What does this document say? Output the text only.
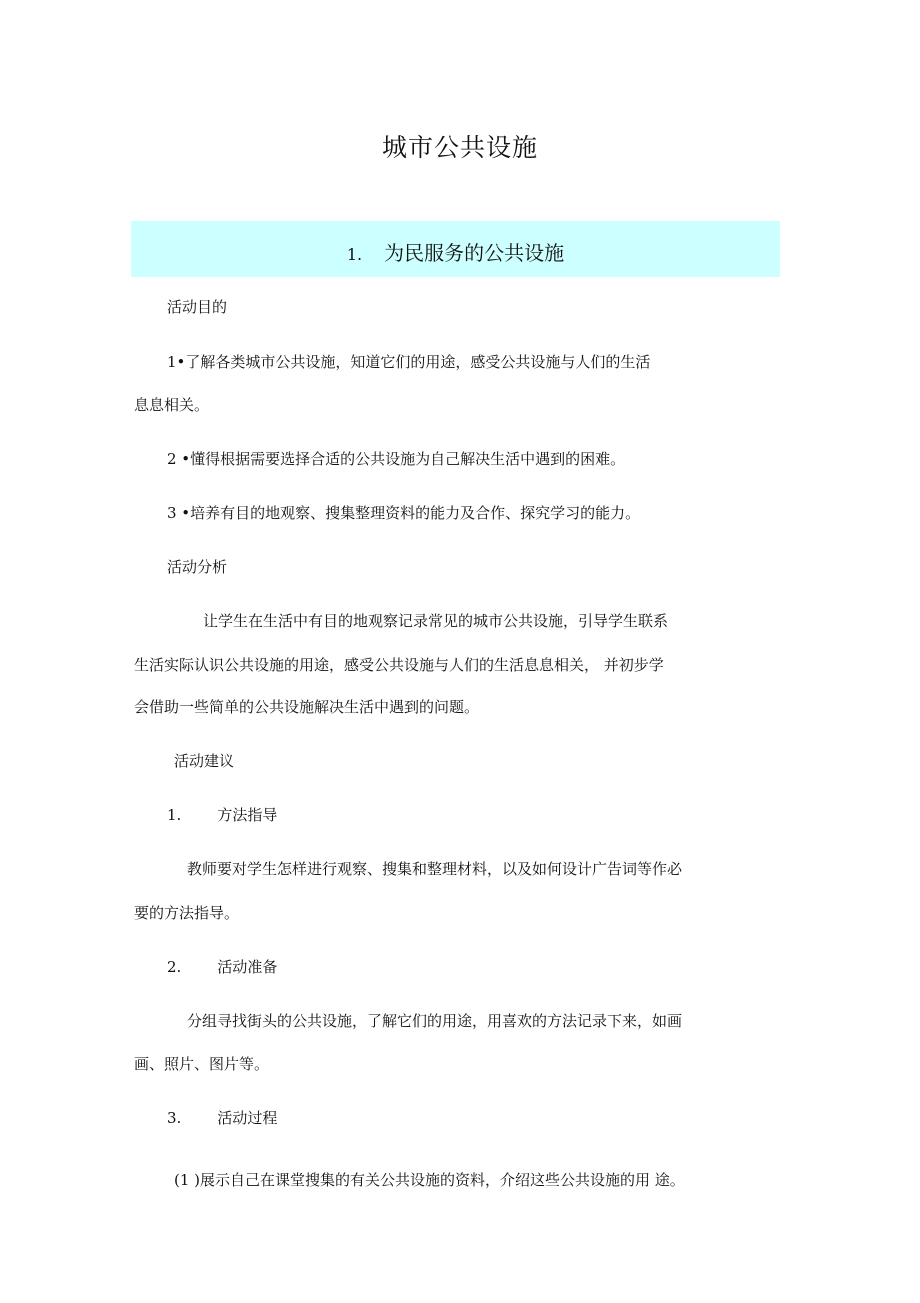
城市公共设施
1. 为民服务的公共设施
活动目的
1•了解各类城市公共设施，知道它们的用途，感受公共设施与人们的生活
息息相关。
2 •懂得根据需要选择合适的公共设施为自己解决生活中遇到的困难。
3 •培养有目的地观察、搜集整理资料的能力及合作、探究学习的能力。
活动分析
让学生在生活中有目的地观察记录常见的城市公共设施，引导学生联系
生活实际认识公共设施的用途，感受公共设施与人们的生活息息相关， 并初步学
会借助一些简单的公共设施解决生活中遇到的问题。
活动建议
1. 方法指导
教师要对学生怎样进行观察、搜集和整理材料，以及如何设计广告词等作必
要的方法指导。
2. 活动准备
分组寻找街头的公共设施，了解它们的用途，用喜欢的方法记录下来，如画
画、照片、图片等。
3. 活动过程
(1 )展示自己在课堂搜集的有关公共设施的资料，介绍这些公共设施的用 途。
